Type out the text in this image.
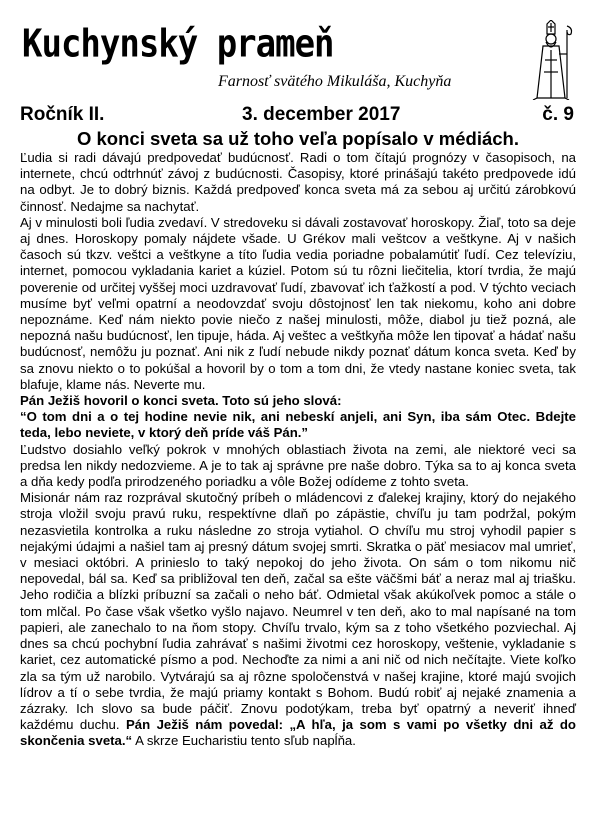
Kuchynský prameň
Farnosť svätého Mikuláša, Kuchyňa
Ročník II.	3. december 2017	č. 9
O konci sveta sa už toho veľa popísalo v médiách.

Ľudia si radi dávajú predpovedať budúcnosť. Radi o tom čítajú prognózy v časopisoch, na internete, chcú odtrhnúť závoj z budúcnosti. Časopisy, ktoré prinášajú takéto predpovede idú na odbyt. Je to dobrý biznis. Každá predpoveď konca sveta má za sebou aj určitú zárobkovú činnosť. Nedajme sa nachytať.

Aj v minulosti boli ľudia zvedaví. V stredoveku si dávali zostavovať horoskopy. Žiaľ, toto sa deje aj dnes. Horoskopy pomaly nájdete všade. U Grékov mali veštcov a veštkyne. Aj v našich časoch sú tkzv. veštci a veštkyne a títo ľudia vedia poriadne pobalamútiť ľudí. Cez televíziu, internet, pomocou vykladania kariet a kúziel. Potom sú tu rôzni liečitelia, ktorí tvrdia, že majú poverenie od určitej vyššej moci uzdravovať ľudí, zbavovať ich ťažkostí a pod. V týchto veciach musíme byť veľmi opatrní a neodovzdať svoju dôstojnosť len tak niekomu, koho ani dobre nepoznáme. Keď nám niekto povie niečo z našej minulosti, môže, diabol ju tiež pozná, ale nepozná našu budúcnosť, len tipuje, háda. Aj veštec a veštkyňa môže len tipovať a hádať našu budúcnosť, nemôžu ju poznať. Ani nik z ľudí nebude nikdy poznať dátum konca sveta. Keď by sa znovu niekto o to pokúšal a hovoril by o tom a tom dni, že vtedy nastane koniec sveta, tak blafuje, klame nás. Neverte mu.

Pán Ježiš hovoril o konci sveta. Toto sú jeho slová:

“O tom dni a o tej hodine nevie nik, ani nebeskí anjeli, ani Syn, iba sám Otec. Bdejte teda, lebo neviete, v ktorý deň príde váš Pán.”

Ľudstvo dosiahlo veľký pokrok v mnohých oblastiach života na zemi, ale niektoré veci sa predsa len nikdy nedozvieme. A je to tak aj správne pre naše dobro. Týka sa to aj konca sveta a dňa kedy podľa prirodzeného poriadku a vôle Božej odídeme z tohto sveta.

Misionár nám raz rozprával skutočný príbeh o mládencovi z ďalekej krajiny, ktorý do nejakého stroja vložil svoju pravú ruku, respektívne dlaň po zápästie, chvíľu ju tam podržal, pokým nezasvietila kontrolka a ruku následne zo stroja vytiahol. O chvíľu mu stroj vyhodil papier s nejakými údajmi a našiel tam aj presný dátum svojej smrti. Skratka o päť mesiacov mal umrieť, v mesiaci októbri. A prinieslo to taký nepokoj do jeho života. On sám o tom nikomu nič nepovedal, bál sa. Keď sa približoval ten deň, začal sa ešte väčšmi báť a neraz mal aj triašku. Jeho rodičia a blízki príbuzní sa začali o neho báť. Odmietal však akúkoľvek pomoc a stále o tom mlčal. Po čase však všetko vyšlo najavo. Neumrel v ten deň, ako to mal napísané na tom papieri, ale zanechalo to na ňom stopy. Chvíľu trvalo, kým sa z toho všetkého pozviechal. Aj dnes sa chcú pochybní ľudia zahrávať s našimi životmi cez horoskopy, veštenie, vykladanie s kariet, cez automatické písmo a pod. Nechoďte za nimi a ani nič od nich nečítajte. Viete koľko zla sa tým už narobilo. Vytvárajú sa aj rôzne spoločenstvá v našej krajine, ktoré majú svojich lídrov a tí o sebe tvrdia, že majú priamy kontakt s Bohom. Budú robiť aj nejaké znamenia a zázraky. Ich slovo sa bude páčiť. Znovu podotýkam, treba byť opatrný a neveriť ihneď každému duchu. Pán Ježiš nám povedal: „A hľa, ja som s vami po všetky dni až do skončenia sveta.“ A skrze Eucharistiu tento sľub napĺňa.
